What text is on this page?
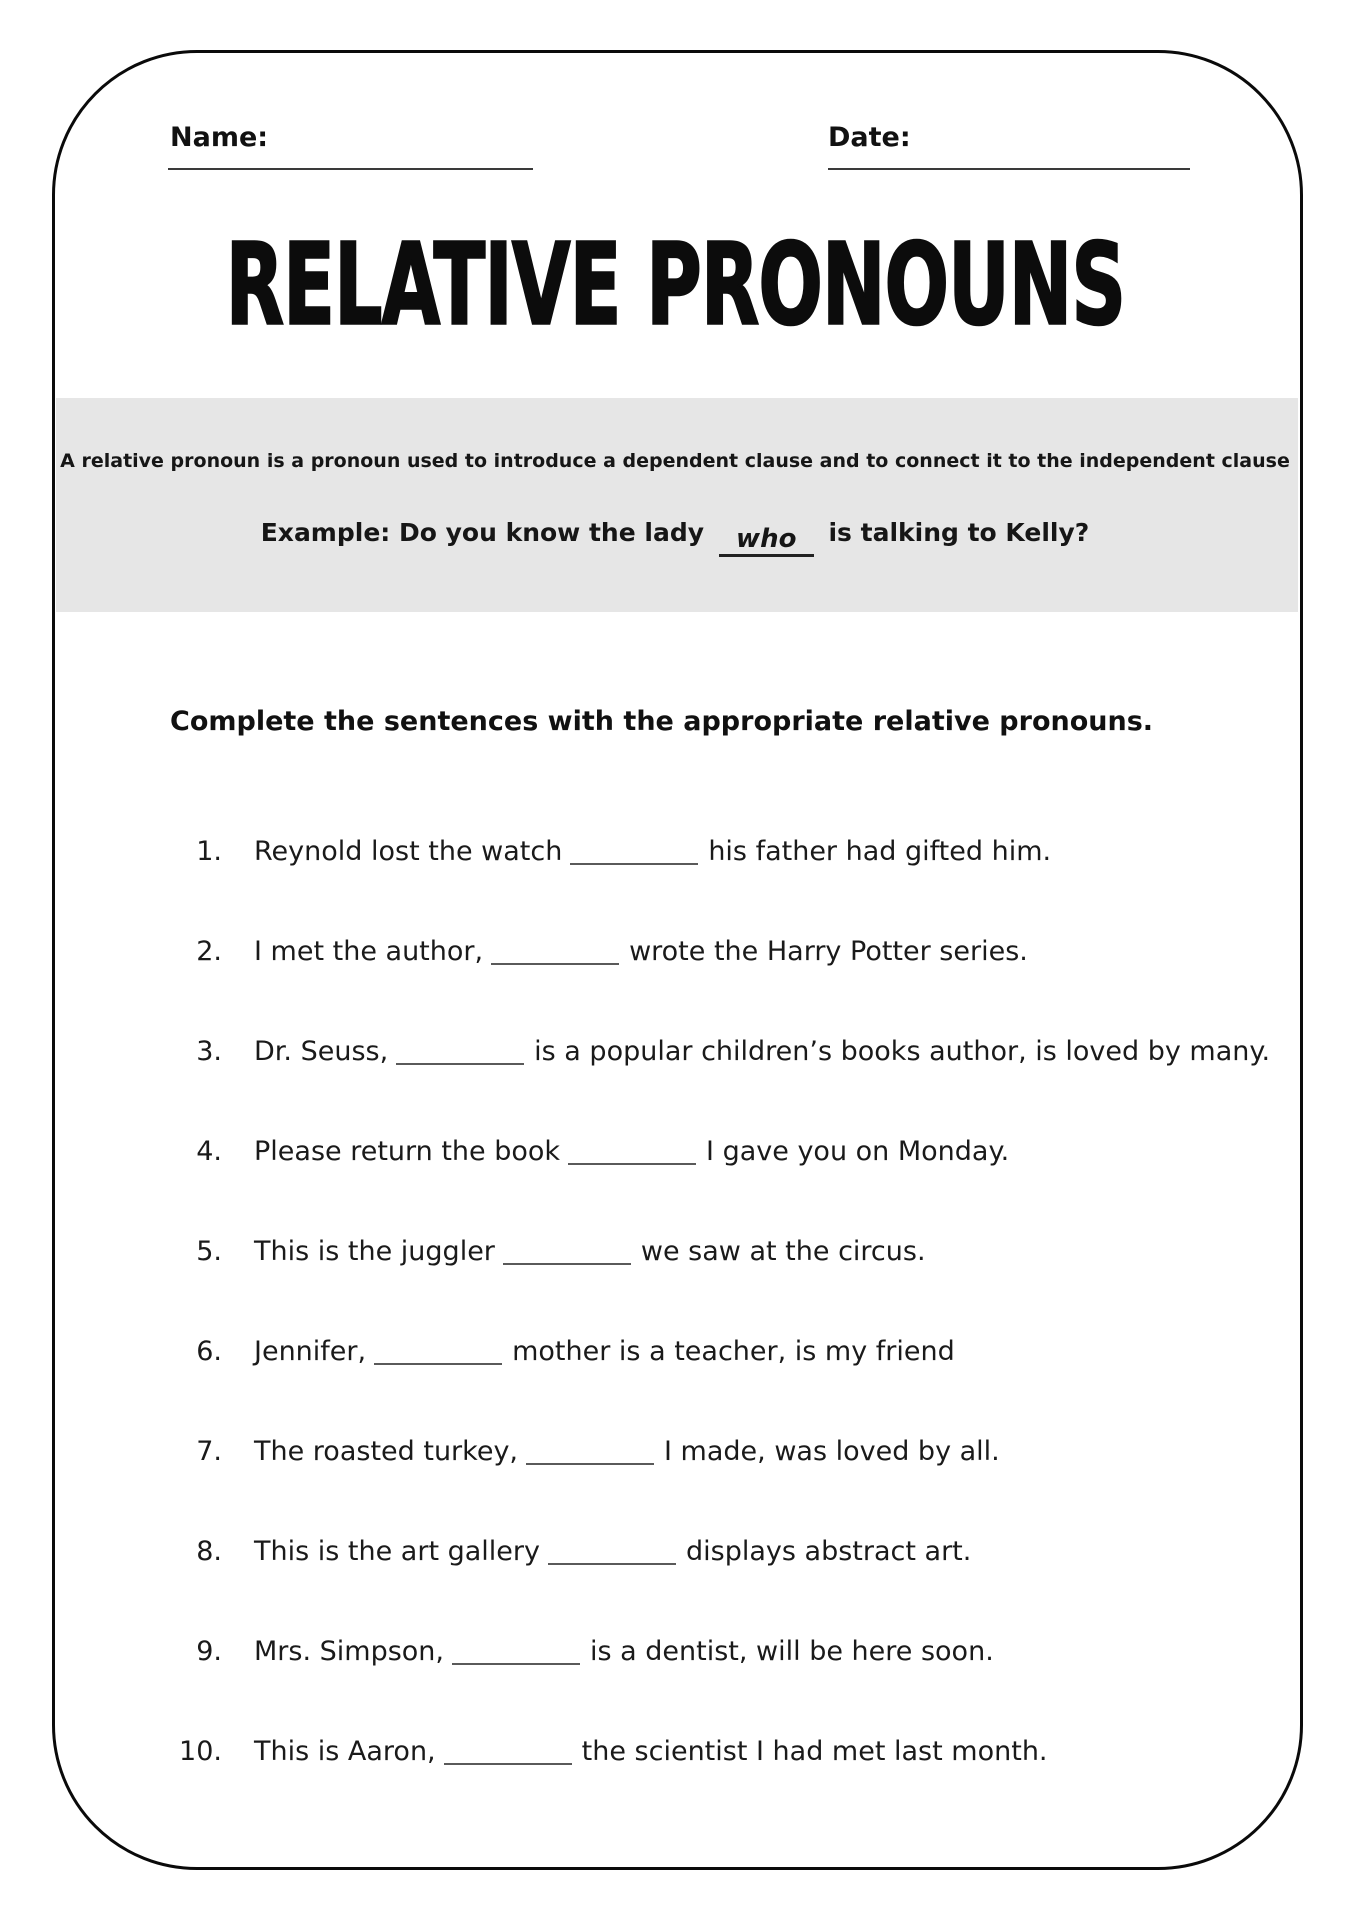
Name:	Date:
RELATIVE PRONOUNS
A relative pronoun is a pronoun used to introduce a dependent clause and to connect it to the independent clause
Example: Do you know the lady who is talking to Kelly?
Complete the sentences with the appropriate relative pronouns.
1. Reynold lost the watch	his father had gifted him.
2. I met the author,	wrote the Harry Potter series.
3. Dr. Seuss,	is a popular children’s books author, is loved by many.
4. Please return the book	I gave you on Monday.
5. This is the juggler	we saw at the circus.
6. Jennifer,	mother is a teacher, is my friend
7. The roasted turkey,	I made, was loved by all.
8. This is the art gallery	displays abstract art.
9. Mrs. Simpson,	is a dentist, will be here soon.
10. This is Aaron,	the scientist I had met last month.
